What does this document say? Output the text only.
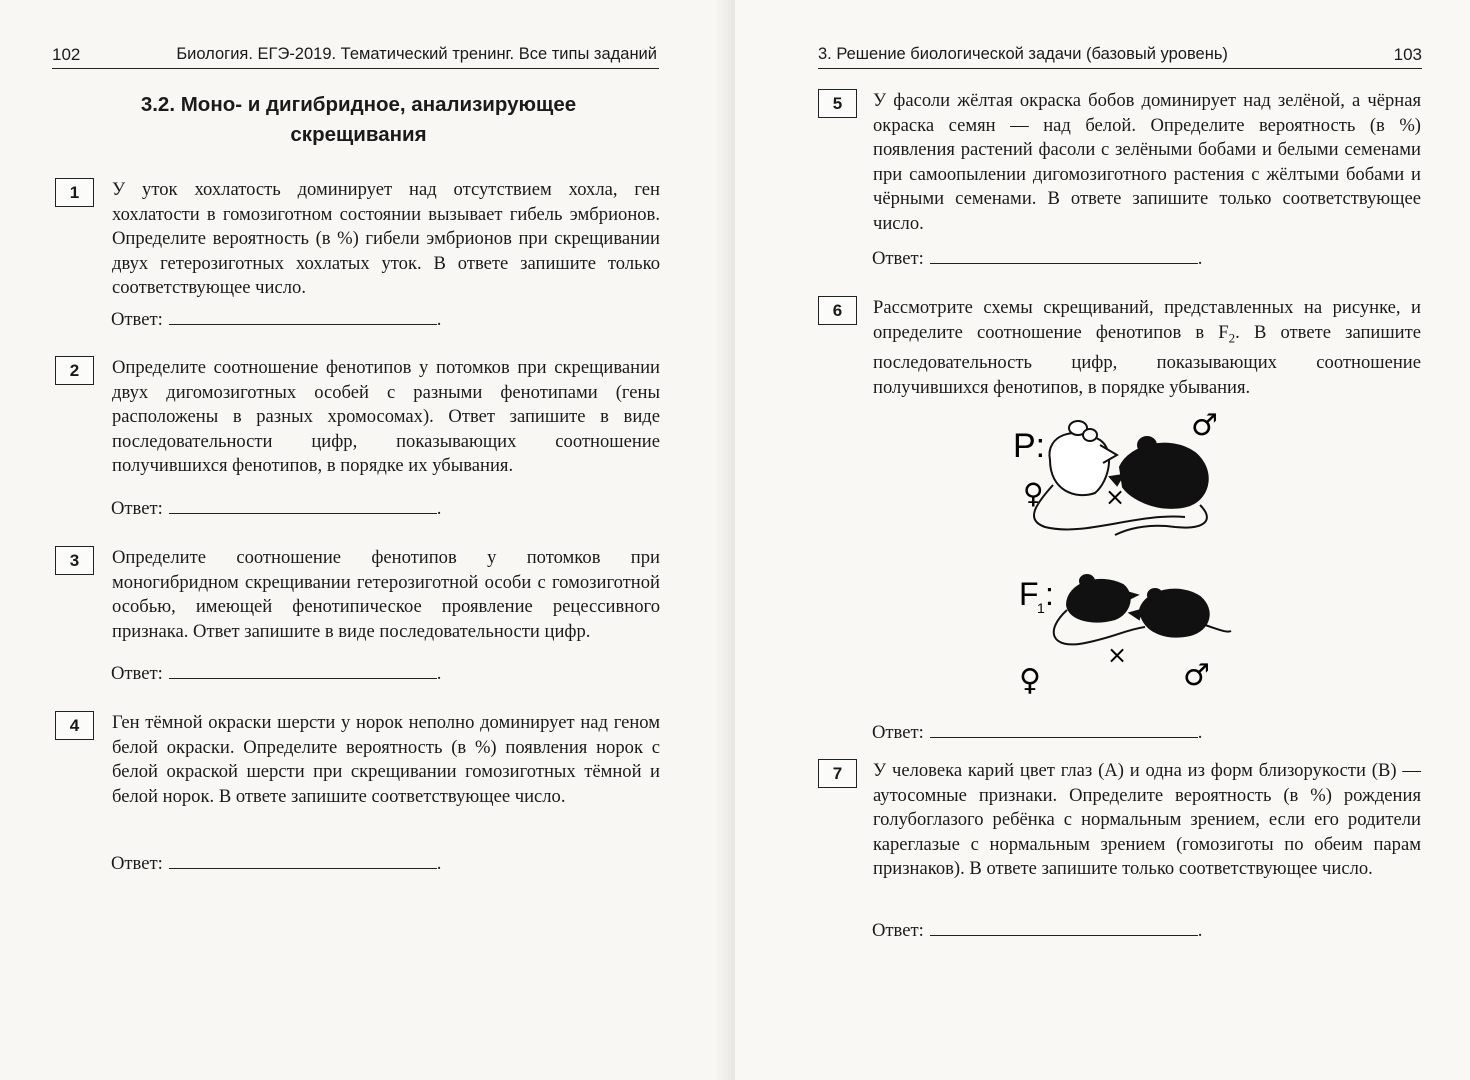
102	Биология. ЕГЭ-2019. Тематический тренинг. Все типы заданий
3.2. Моно- и дигибридное, анализирующее
скрещивания
1	У уток хохлатость доминирует над отсутствием хохла, ген хохлатости в гомозиготном состоянии вызывает гибель эмбрионов. Определите вероятность (в %) гибели эмбрионов при скрещивании двух гетерозиготных хохлатых уток. В ответе запишите только соответствующее число.
Ответ:	.
2	Определите соотношение фенотипов у потомков при скрещивании двух дигомозиготных особей с разными фенотипами (гены расположены в разных хромосомах). Ответ запишите в виде последовательности цифр, показывающих соотношение получившихся фенотипов, в порядке их убывания.
Ответ:	.
3	Определите соотношение фенотипов у потомков при моногибридном скрещивании гетерозиготной особи с гомозиготной особью, имеющей фенотипическое проявление рецессивного признака. Ответ запишите в виде последовательности цифр.
Ответ:	.
4	Ген тёмной окраски шерсти у норок неполно доминирует над геном белой окраски. Определите вероятность (в %) появления норок с белой окраской шерсти при скрещивании гомозиготных тёмной и белой норок. В ответе запишите соответствующее число.
Ответ:	.
3. Решение биологической задачи (базовый уровень)	103
5	У фасоли жёлтая окраска бобов доминирует над зелёной, а чёрная окраска семян — над белой. Определите вероятность (в %) появления растений фасоли с зелёными бобами и белыми семенами при самоопылении дигомозиготного растения с жёлтыми бобами и чёрными семенами. В ответе запишите только соответствующее число.
Ответ:	.
6	Рассмотрите схемы скрещиваний, представленных на рисунке, и определите соотношение фенотипов в $F_2$. В ответе запишите последовательность цифр, показывающих соотношение получившихся фенотипов, в порядке убывания.
P:
×
♂
♀
F
1 :
×
♀	♂
Ответ:	.
7	У человека карий цвет глаз (A) и одна из форм близорукости (B) — аутосомные признаки. Определите вероятность (в %) рождения голубоглазого ребёнка с нормальным зрением, если его родители кареглазые с нормальным зрением (гомозиготы по обеим парам признаков). В ответе запишите только соответствующее число.
Ответ:	.
